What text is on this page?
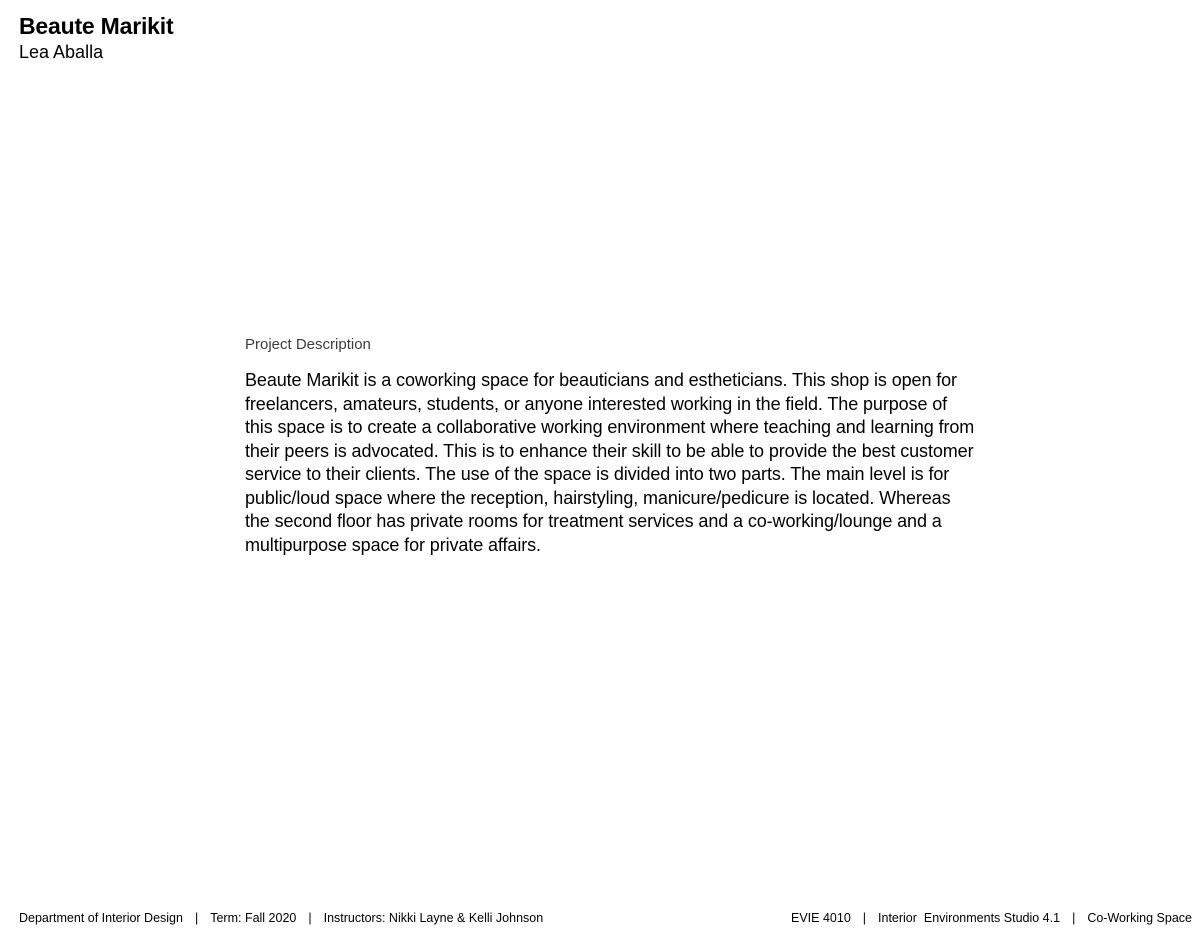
Beaute Marikit

Lea Aballa

Project Description

Beaute Marikit is a coworking space for beauticians and estheticians. This shop is open for freelancers, amateurs, students, or anyone interested working in the field. The purpose of this space is to create a collaborative working environment where teaching and learning from their peers is advocated. This is to enhance their skill to be able to provide the best customer service to their clients. The use of the space is divided into two parts. The main level is for public/loud space where the reception, hairstyling, manicure/pedicure is located. Whereas the second floor has private rooms for treatment services and a co-working/lounge and a multipurpose space for private affairs.

Department of Interior Design | Term: Fall 2020 | Instructors: Nikki Layne & Kelli Johnson	EVIE 4010 | Interior  Environments Studio 4.1 | Co-Working Space
